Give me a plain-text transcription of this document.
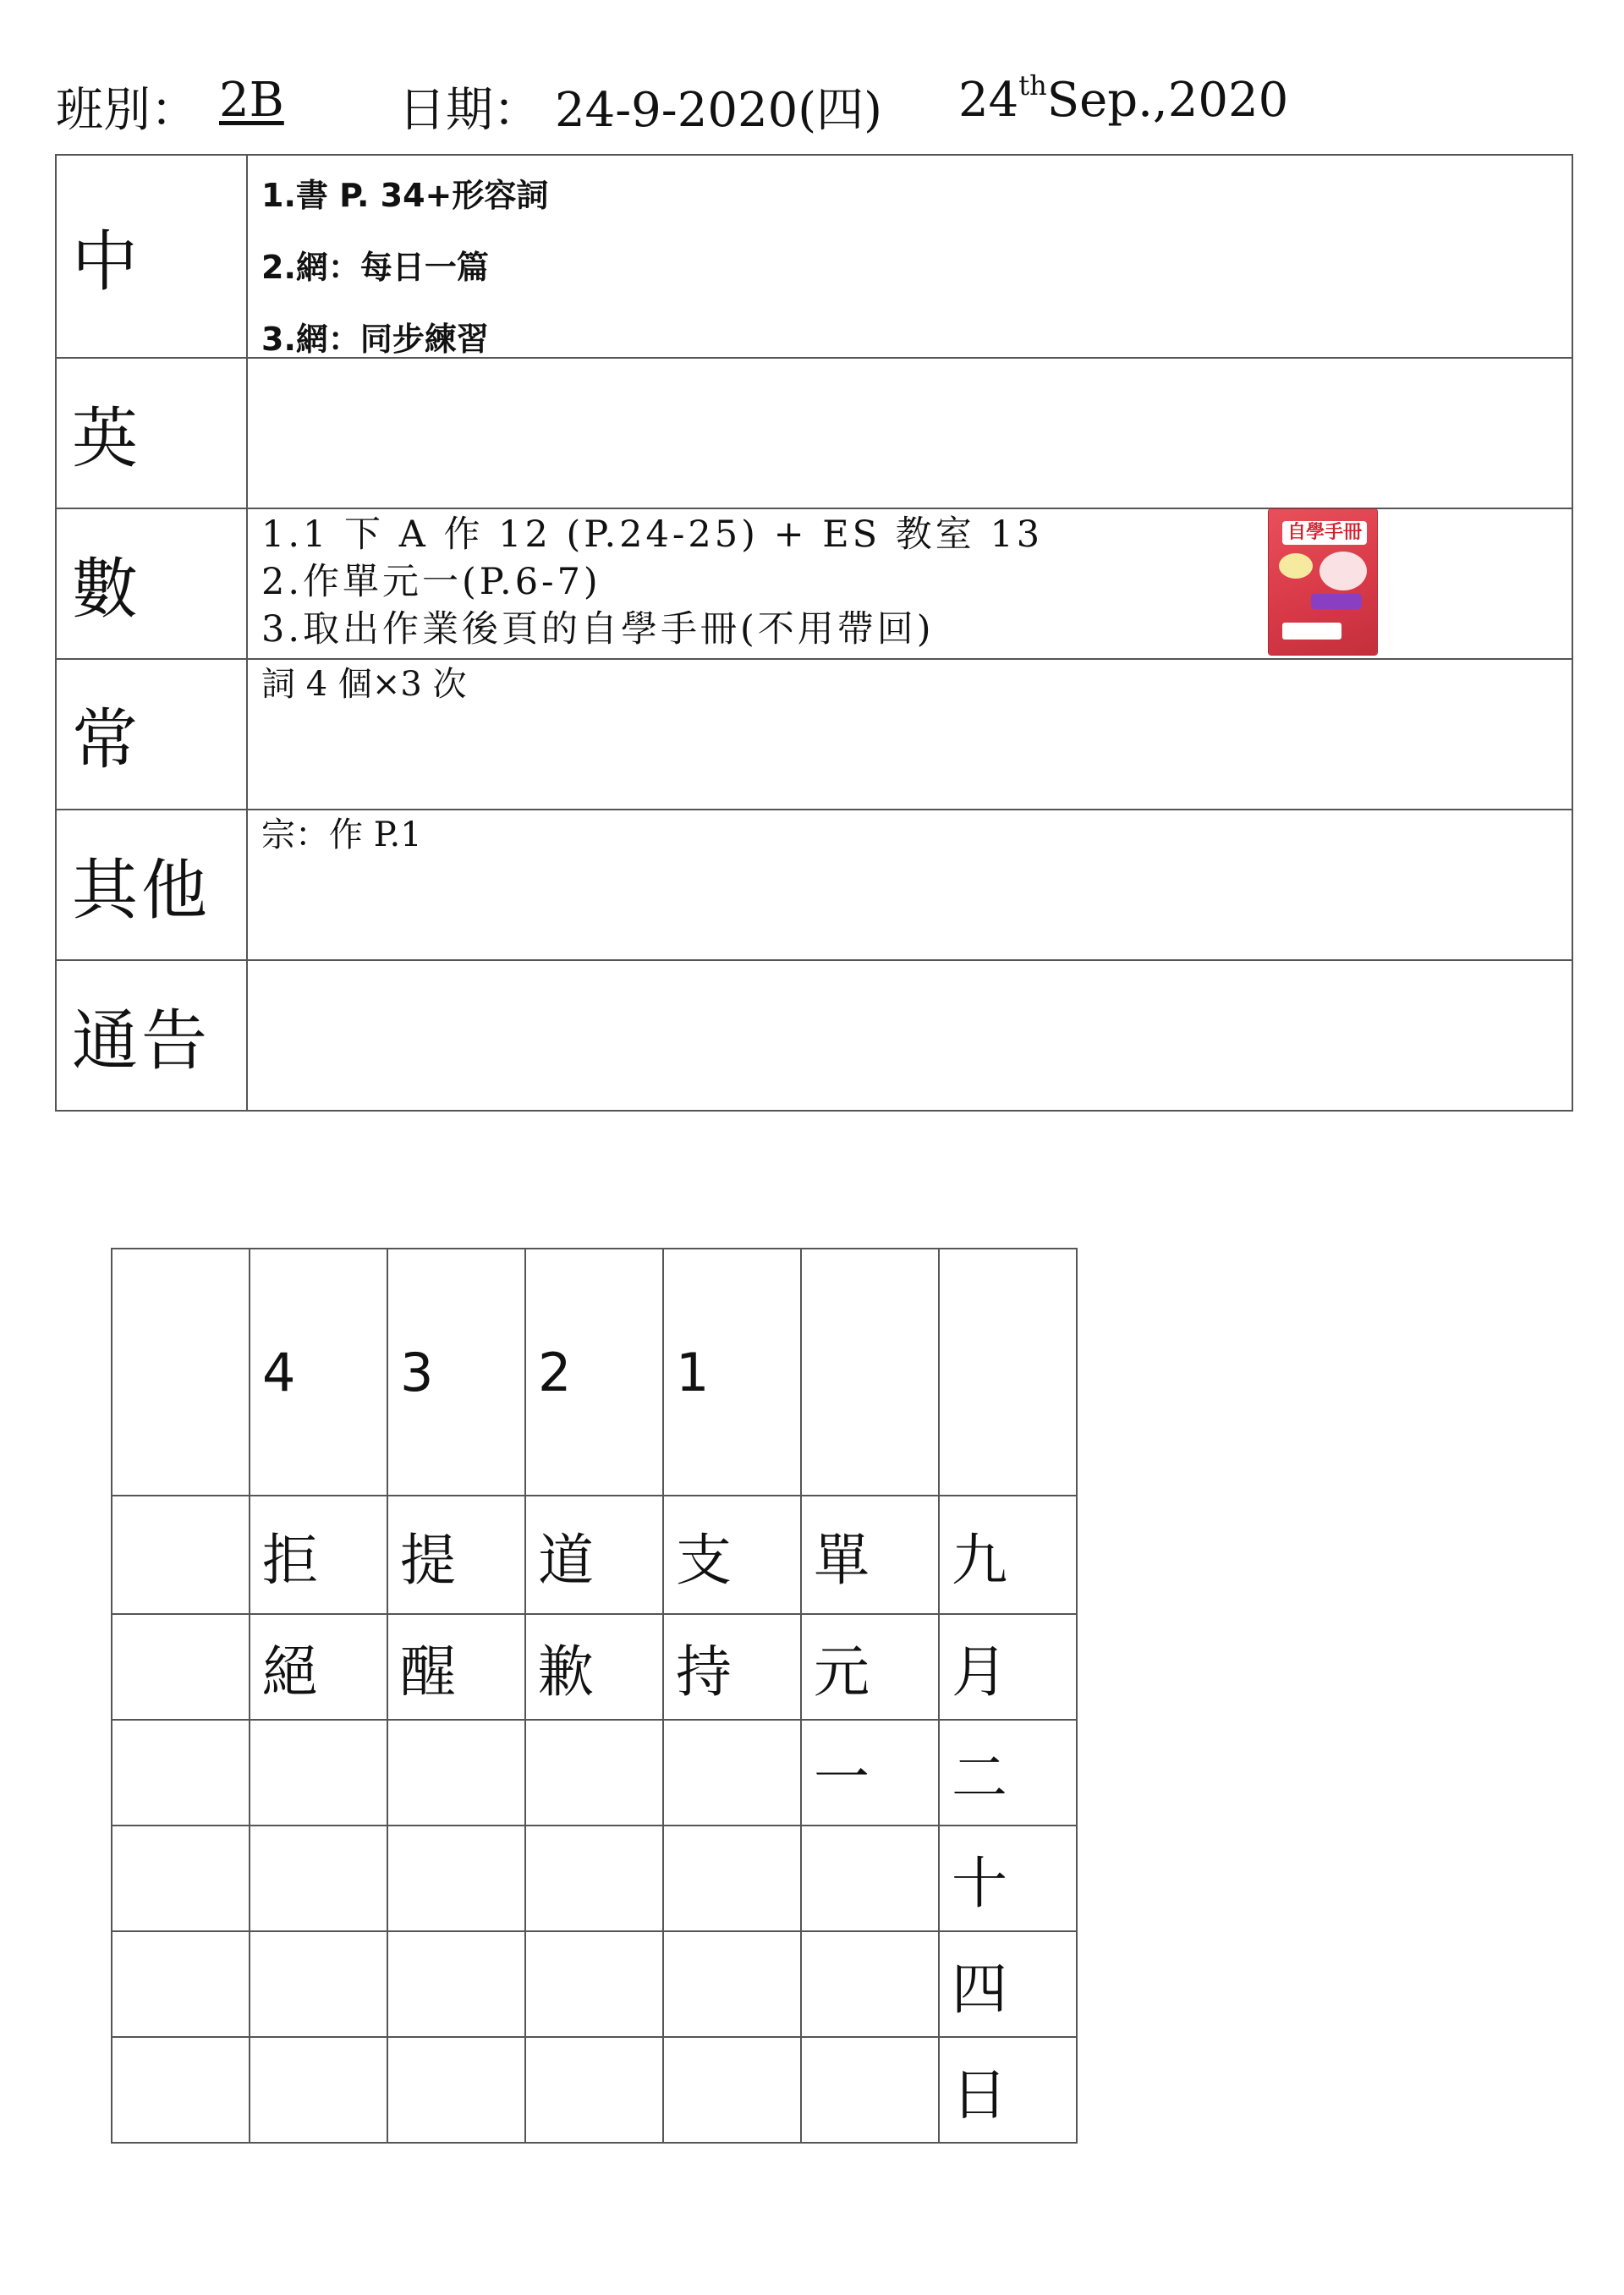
班別： 2B 日期： 24-9-2020(四) 24thSep.,2020
中	1.書 P. 34+形容詞
2.網：每日一篇
3.網：同步練習

英	
數	1.1 下 A 作 12 (P.24-25) + ES 教室 13
2.作單元一(P.6-7)
3.取出作業後頁的自學手冊(不用帶回)
自學手冊

常	詞 4 個×3 次

其他	宗：作 P.1

通告	
	4	3	2	1		
	拒	提	道	支	單	九
	絕	醒	歉	持	元	月
					一	二
						十
						四
						日
